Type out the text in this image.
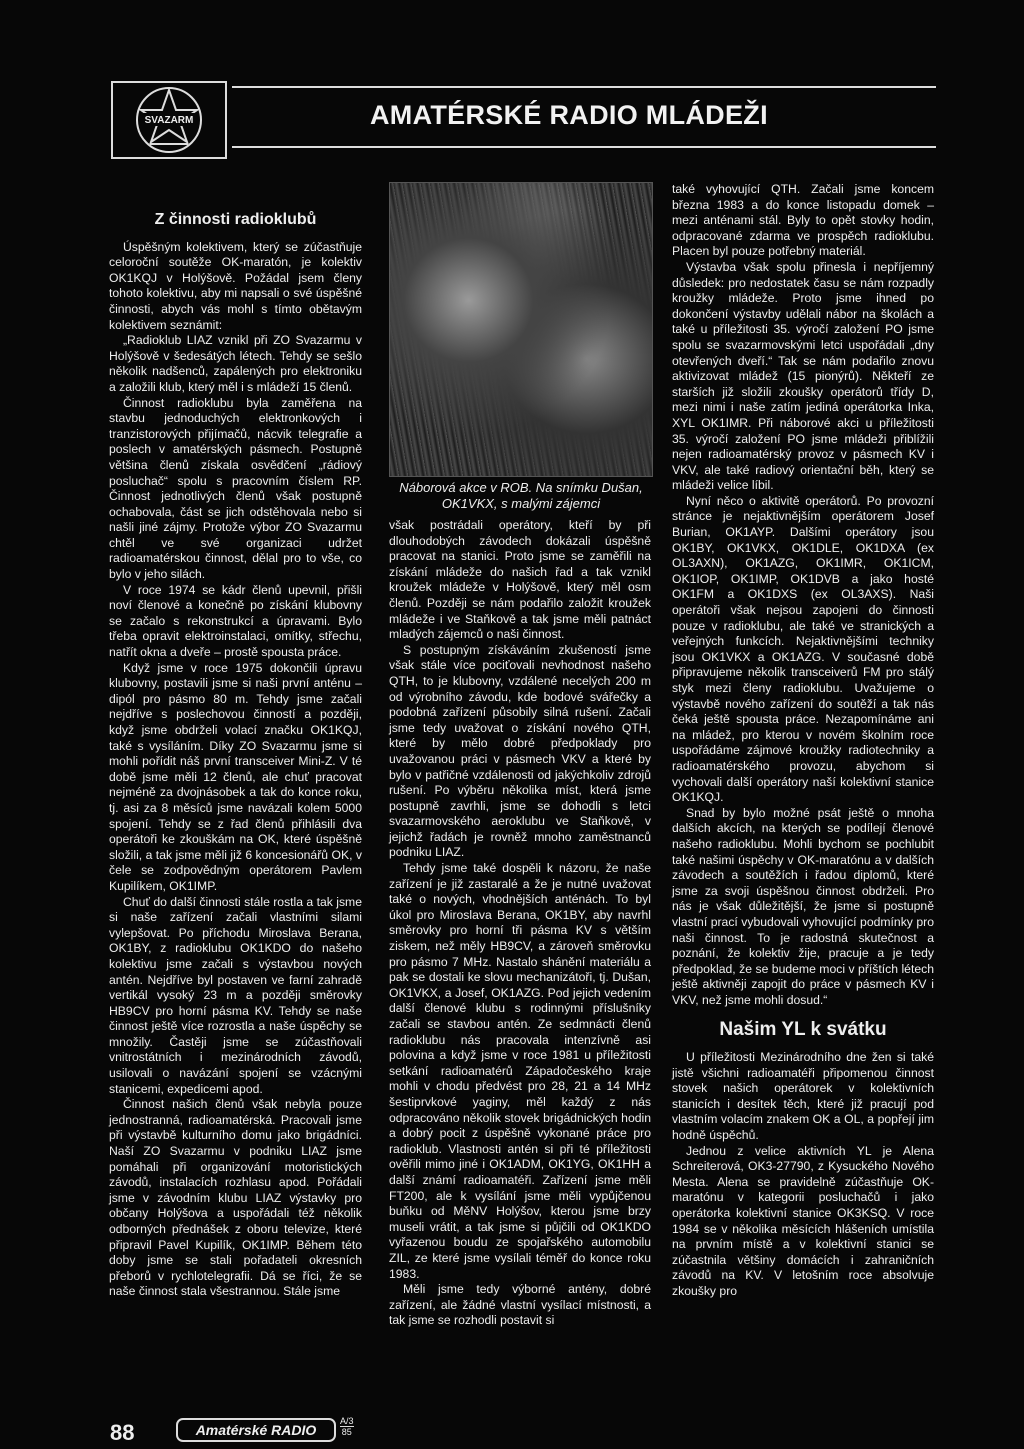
SVAZARM	AMATÉRSKÉ RADIO MLÁDEŽI
Z činnosti radioklubů

Úspěšným kolektivem, který se zúčastňuje celoroční soutěže OK-maratón, je kolektiv OK1KQJ v Holýšově. Požádal jsem členy tohoto kolektivu, aby mi napsali o své úspěšné činnosti, abych vás mohl s tímto obětavým kolektivem seznámit:

„Radioklub LIAZ vznikl při ZO Svazarmu v Holýšově v šedesátých létech. Tehdy se sešlo několik nadšenců, zapálených pro elektroniku a založili klub, který měl i s mládeží 15 členů.

Činnost radioklubu byla zaměřena na stavbu jednoduchých elektronkových i tranzistorových přijímačů, nácvik telegrafie a poslech v amatérských pásmech. Postupně většina členů získala osvědčení „rádiový posluchač“ spolu s pracovním číslem RP. Činnost jednotlivých členů však postupně ochabovala, část se jich odstěhovala nebo si našli jiné zájmy. Protože výbor ZO Svazarmu chtěl ve své organizaci udržet radioamatérskou činnost, dělal pro to vše, co bylo v jeho silách.

V roce 1974 se kádr členů upevnil, přišli noví členové a konečně po získání klubovny se začalo s rekonstrukcí a úpravami. Bylo třeba opravit elektroinstalaci, omítky, střechu, natřít okna a dveře – prostě spousta práce.

Když jsme v roce 1975 dokončili úpravu klubovny, postavili jsme si naši první anténu – dipól pro pásmo 80 m. Tehdy jsme začali nejdříve s poslechovou činností a později, když jsme obdrželi volací značku OK1KQJ, také s vysíláním. Díky ZO Svazarmu jsme si mohli pořídit náš první transceiver Mini-Z. V té době jsme měli 12 členů, ale chuť pracovat nejméně za dvojnásobek a tak do konce roku, tj. asi za 8 měsíců jsme navázali kolem 5000 spojení. Tehdy se z řad členů přihlásili dva operátoři ke zkouškám na OK, které úspěšně složili, a tak jsme měli již 6 koncesionářů OK, v čele se zodpovědným operátorem Pavlem Kupilíkem, OK1IMP.

Chuť do další činnosti stále rostla a tak jsme si naše zařízení začali vlastními silami vylepšovat. Po příchodu Miroslava Berana, OK1BY, z radioklubu OK1KDO do našeho kolektivu jsme začali s výstavbou nových antén. Nejdříve byl postaven ve farní zahradě vertikál vysoký 23 m a později směrovky HB9CV pro horní pásma KV. Tehdy se naše činnost ještě více rozrostla a naše úspěchy se množily. Častěji jsme se zúčastňovali vnitrostátních i mezinárodních závodů, usilovali o navázání spojení se vzácnými stanicemi, expedicemi apod.

Činnost našich členů však nebyla pouze jednostranná, radioamatérská. Pracovali jsme při výstavbě kulturního domu jako brigádníci. Naší ZO Svazarmu v podniku LIAZ jsme pomáhali při organizování motoristických závodů, instalacích rozhlasu apod. Pořádali jsme v závodním klubu LIAZ výstavky pro občany Holýšova a uspořádali též několik odborných přednášek z oboru televize, které připravil Pavel Kupilík, OK1IMP. Během této doby jsme se stali pořadateli okresních přeborů v rychlotelegrafii. Dá se říci, že se naše činnost stala všestrannou. Stále jsme

Náborová akce v ROB. Na snímku Dušan, OK1VKX, s malými zájemci

však postrádali operátory, kteří by při dlouhodobých závodech dokázali úspěšně pracovat na stanici. Proto jsme se zaměřili na získání mládeže do našich řad a tak vznikl kroužek mládeže v Holýšově, který měl osm členů. Později se nám podařilo založit kroužek mládeže i ve Staňkově a tak jsme měli patnáct mladých zájemců o naši činnost.

S postupným získáváním zkušeností jsme však stále více pociťovali nevhodnost našeho QTH, to je klubovny, vzdálené necelých 200 m od výrobního závodu, kde bodové svářečky a podobná zařízení působily silná rušení. Začali jsme tedy uvažovat o získání nového QTH, které by mělo dobré předpoklady pro uvažovanou práci v pásmech VKV a které by bylo v patřičné vzdálenosti od jakýchkoliv zdrojů rušení. Po výběru několika míst, která jsme postupně zavrhli, jsme se dohodli s letci svazarmovského aeroklubu ve Staňkově, v jejichž řadách je rovněž mnoho zaměstnanců podniku LIAZ.

Tehdy jsme také dospěli k názoru, že naše zařízení je již zastaralé a že je nutné uvažovat také o nových, vhodnějších anténách. To byl úkol pro Miroslava Berana, OK1BY, aby navrhl směrovky pro horní tři pásma KV s větším ziskem, než měly HB9CV, a zároveň směrovku pro pásmo 7 MHz. Nastalo shánění materiálu a pak se dostali ke slovu mechanizátoři, tj. Dušan, OK1VKX, a Josef, OK1AZG. Pod jejich vedením další členové klubu s rodinnými příslušníky začali se stavbou antén. Ze sedmnácti členů radioklubu nás pracovala intenzívně asi polovina a když jsme v roce 1981 u příležitosti setkání radioamatérů Západočeského kraje mohli v chodu předvést pro 28, 21 a 14 MHz šestiprvkové yaginy, měl každý z nás odpracováno několik stovek brigádnických hodin a dobrý pocit z úspěšně vykonané práce pro radioklub. Vlastnosti antén si při té příležitosti ověřili mimo jiné i OK1ADM, OK1YG, OK1HH a další známí radioamatéři. Zařízení jsme měli FT200, ale k vysílání jsme měli vypůjčenou buňku od MěNV Holýšov, kterou jsme brzy museli vrátit, a tak jsme si půjčili od OK1KDO vyřazenou boudu ze spojařského automobilu ZIL, ze které jsme vysílali téměř do konce roku 1983.

Měli jsme tedy výborné antény, dobré zařízení, ale žádné vlastní vysílací místnosti, a tak jsme se rozhodli postavit si

také vyhovující QTH. Začali jsme koncem března 1983 a do konce listopadu domek – mezi anténami stál. Byly to opět stovky hodin, odpracované zdarma ve prospěch radioklubu. Placen byl pouze potřebný materiál.

Výstavba však spolu přinesla i nepříjemný důsledek: pro nedostatek času se nám rozpadly kroužky mládeže. Proto jsme ihned po dokončení výstavby udělali nábor na školách a také u příležitosti 35. výročí založení PO jsme spolu se svazarmovskými letci uspořádali „dny otevřených dveří.“ Tak se nám podařilo znovu aktivizovat mládež (15 pionýrů). Někteří ze starších již složili zkoušky operátorů třídy D, mezi nimi i naše zatím jediná operátorka Inka, XYL OK1IMR. Při náborové akci u příležitosti 35. výročí založení PO jsme mládeži přiblížili nejen radioamatérský provoz v pásmech KV i VKV, ale také radiový orientační běh, který se mládeži velice líbil.

Nyní něco o aktivitě operátorů. Po provozní stránce je nejaktivnějším operátorem Josef Burian, OK1AYP. Dalšími operátory jsou OK1BY, OK1VKX, OK1DLE, OK1DXA (ex OL3AXN), OK1AZG, OK1IMR, OK1ICM, OK1IOP, OK1IMP, OK1DVB a jako hosté OK1FM a OK1DXS (ex OL3AXS). Naši operátoři však nejsou zapojeni do činnosti pouze v radioklubu, ale také ve stranických a veřejných funkcích. Nejaktivnějšími techniky jsou OK1VKX a OK1AZG. V současné době připravujeme několik transceiverů FM pro stálý styk mezi členy radioklubu. Uvažujeme o výstavbě nového zařízení do soutěží a tak nás čeká ještě spousta práce. Nezapomínáme ani na mládež, pro kterou v novém školním roce uspořádáme zájmové kroužky radiotechniky a radioamatérského provozu, abychom si vychovali další operátory naší kolektivní stanice OK1KQJ.

Snad by bylo možné psát ještě o mnoha dalších akcích, na kterých se podílejí členové našeho radioklubu. Mohli bychom se pochlubit také našimi úspěchy v OK-maratónu a v dalších závodech a soutěžích i řadou diplomů, které jsme za svoji úspěšnou činnost obdrželi. Pro nás je však důležitější, že jsme si postupně vlastní prací vybudovali vyhovující podmínky pro naši činnost. To je radostná skutečnost a poznání, že kolektiv žije, pracuje a je tedy předpoklad, že se budeme moci v příštích létech ještě aktivněji zapojit do práce v pásmech KV i VKV, než jsme mohli dosud.“

Našim YL k svátku

U příležitosti Mezinárodního dne žen si také jistě všichni radioamatéři připomenou činnost stovek našich operátorek v kolektivních stanicích i desítek těch, které již pracují pod vlastním volacím znakem OK a OL, a popřejí jim hodně úspěchů.

Jednou z velice aktivních YL je Alena Schreiterová, OK3-27790, z Kysuckého Nového Mesta. Alena se pravidelně zúčastňuje OK-maratónu v kategorii posluchačů i jako operátorka kolektivní stanice OK3KSQ. V roce 1984 se v několika měsících hlášeních umístila na prvním místě a v kolektivní stanici se zúčastnila většiny domácích i zahraničních závodů na KV. V letošním roce absolvuje zkoušky pro

88	Amatérské RADIO
A/3
85
